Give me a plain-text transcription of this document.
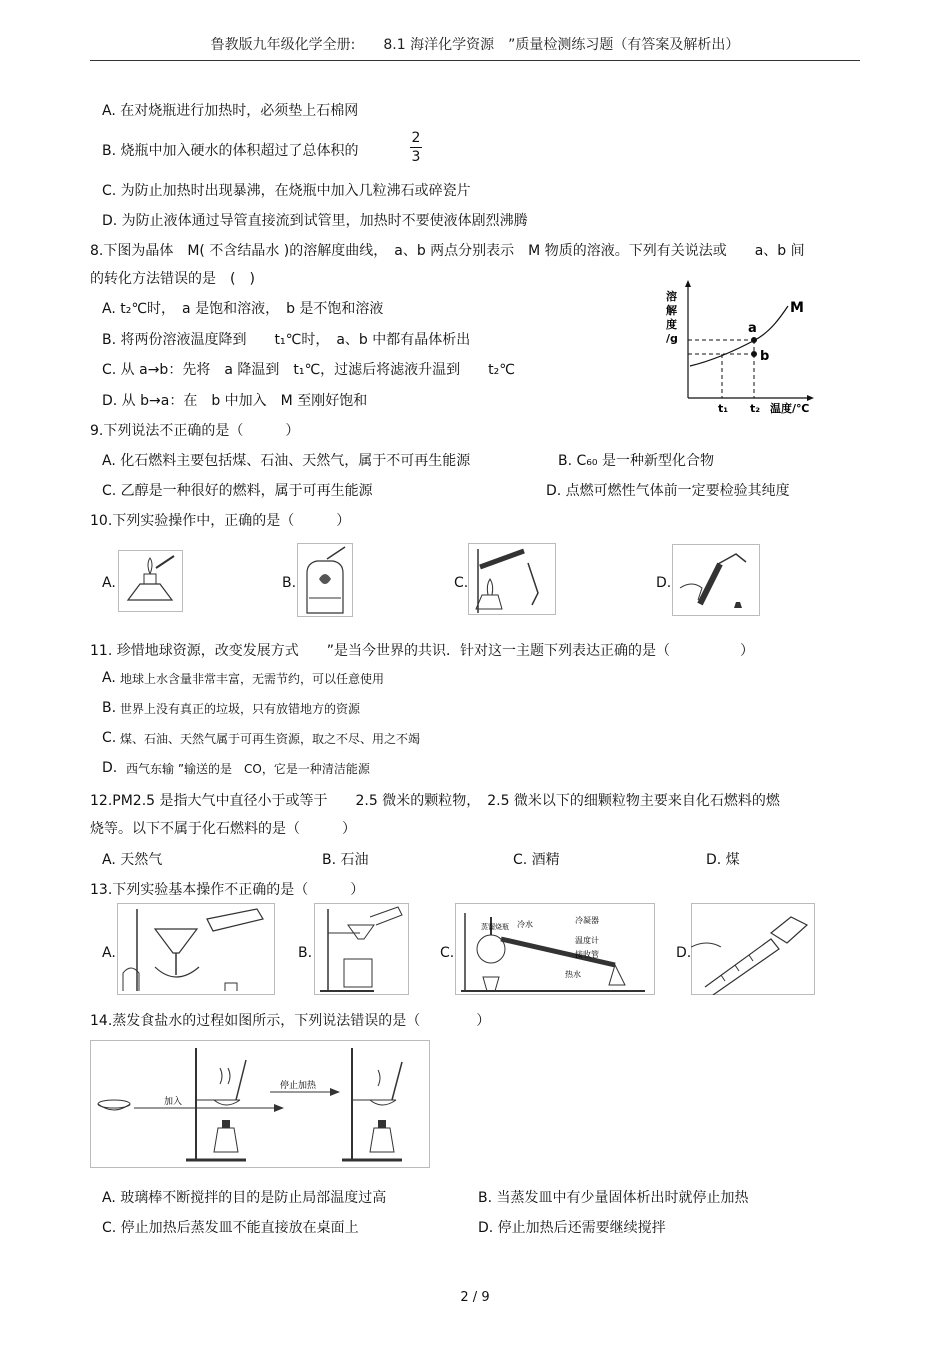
鲁教版九年级化学全册:　　8.1 海洋化学资源　”质量检测练习题（有答案及解析出）
A. 在对烧瓶进行加热时，必须垫上石棉网
B. 烧瓶中加入硬水的体积超过了总体积的
2
3
C. 为防止加热时出现暴沸，在烧瓶中加入几粒沸石或碎瓷片
D. 为防止液体通过导管直接流到试管里，加热时不要使液体剧烈沸腾
8.下图为晶体　M( 不含结晶水 )的溶解度曲线，　a、b 两点分别表示　M 物质的溶液。下列有关说法或　　a、b 间
的转化方法错误的是　(　)
A. t₂℃时，　a 是饱和溶液，　b 是不饱和溶液
B. 将两份溶液温度降到　　t₁℃时，　a、b 中都有晶体析出
C. 从 a→b：先将　a 降温到　t₁℃，过滤后将滤液升温到　　t₂℃
D. 从 b→a：在　b 中加入　M 至刚好饱和
溶
解
度
/g
M
a
b
t₁ t₂ 温度/℃
9.下列说法不正确的是（　　　）
A. 化石燃料主要包括煤、石油、天然气，属于不可再生能源	B. C₆₀ 是一种新型化合物
C. 乙醇是一种很好的燃料，属于可再生能源	D. 点燃可燃性气体前一定要检验其纯度
10.下列实验操作中，正确的是（　　　）
A.	B.	C.	D.
11. 珍惜地球资源，改变发展方式　　”是当今世界的共识．针对这一主题下列表达正确的是（　　　　　）
A. 地球上水含量非常丰富，无需节约，可以任意使用
B. 世界上没有真正的垃圾，只有放错地方的资源
C. 煤、石油、天然气属于可再生资源，取之不尽、用之不竭
D. 西气东输 ”输送的是　CO，它是一种清洁能源
12.PM2.5 是指大气中直径小于或等于　　2.5 微米的颗粒物，　2.5 微米以下的细颗粒物主要来自化石燃料的燃
烧等。以下不属于化石燃料的是（　　　）
A. 天然气	B. 石油	C. 酒精	D. 煤
13.下列实验基本操作不正确的是（　　　）
A.	B.	C.
冷水	冷凝器
温度计
蒸馏烧瓶
接收管
热水
D.
14.蒸发食盐水的过程如图所示，下列说法错误的是（　　　　）
加入
停止加热
A. 玻璃棒不断搅拌的目的是防止局部温度过高	B. 当蒸发皿中有少量固体析出时就停止加热
C. 停止加热后蒸发皿不能直接放在桌面上	D. 停止加热后还需要继续搅拌
2 / 9
